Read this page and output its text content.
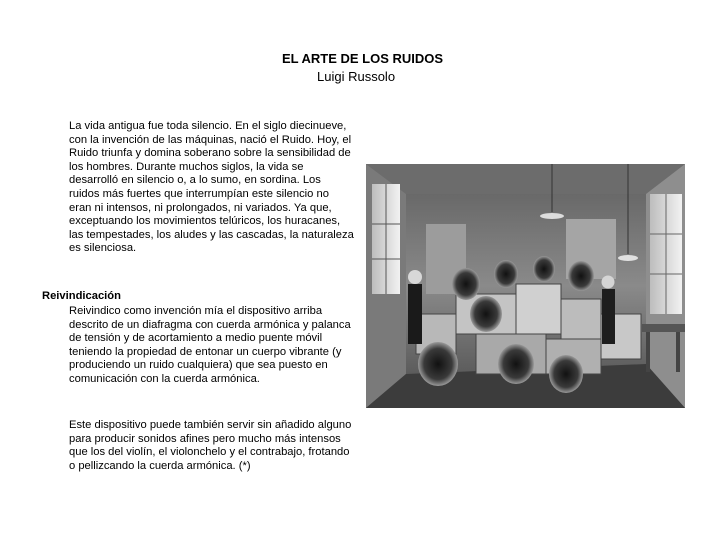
EL ARTE DE LOS RUIDOS

Luigi Russolo

La vida antigua fue toda silencio. En el siglo diecinueve, con la invención de las máquinas, nació el Ruido. Hoy, el Ruido triunfa y domina soberano sobre la sensibilidad de los hombres. Durante muchos siglos, la vida se desarrolló en silencio o, a lo sumo, en sordina. Los ruidos más fuertes que interrumpían este silencio no eran ni intensos, ni prolongados, ni variados. Ya que, exceptuando los movimientos telúricos, los huracanes, las tempestades, los aludes y las cascadas, la naturaleza es silenciosa.

Reivindicación

Reivindico como invención mía el dispositivo arriba descrito de un diafragma con cuerda armónica y palanca de tensión y de acortamiento a medio puente móvil teniendo la propiedad de entonar un cuerpo vibrante (y produciendo un ruido cualquiera) que sea puesto en comunicación con la cuerda armónica.

Este dispositivo puede también servir sin añadido alguno para producir sonidos afines pero mucho más intensos que los del violín, el violonchelo y el contrabajo, frotando o pellizcando la cuerda armónica. (*)
